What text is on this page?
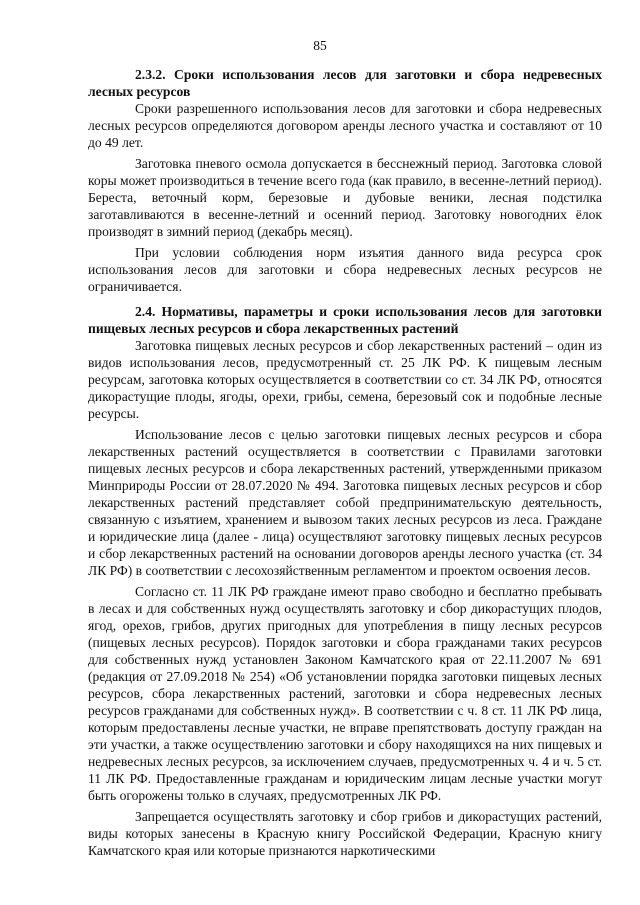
85

2.3.2. Сроки использования лесов для заготовки и сбора недревесных лесных ресурсов

Сроки разрешенного использования лесов для заготовки и сбора недревесных лесных ресурсов определяются договором аренды лесного участка и составляют от 10 до 49 лет.

Заготовка пневого осмола допускается в бесснежный период. Заготовка словой коры может производиться в течение всего года (как правило, в весенне-летний период). Береста, веточный корм, березовые и дубовые веники, лесная подстилка заготавливаются в весенне-летний и осенний период. Заготовку новогодних ёлок производят в зимний период (декабрь месяц).

При условии соблюдения норм изъятия данного вида ресурса срок использования лесов для заготовки и сбора недревесных лесных ресурсов не ограничивается.

2.4. Нормативы, параметры и сроки использования лесов для заготовки пищевых лесных ресурсов и сбора лекарственных растений

Заготовка пищевых лесных ресурсов и сбор лекарственных растений – один из видов использования лесов, предусмотренный ст. 25 ЛК РФ. К пищевым лесным ресурсам, заготовка которых осуществляется в соответствии со ст. 34 ЛК РФ, относятся дикорастущие плоды, ягоды, орехи, грибы, семена, березовый сок и подобные лесные ресурсы.

Использование лесов с целью заготовки пищевых лесных ресурсов и сбора лекарственных растений осуществляется в соответствии с Правилами заготовки пищевых лесных ресурсов и сбора лекарственных растений, утвержденными приказом Минприроды России от 28.07.2020 № 494. Заготовка пищевых лесных ресурсов и сбор лекарственных растений представляет собой предпринимательскую деятельность, связанную с изъятием, хранением и вывозом таких лесных ресурсов из леса. Граждане и юридические лица (далее - лица) осуществляют заготовку пищевых лесных ресурсов и сбор лекарственных растений на основании договоров аренды лесного участка (ст. 34 ЛК РФ) в соответствии с лесохозяйственным регламентом и проектом освоения лесов.

Согласно ст. 11 ЛК РФ граждане имеют право свободно и бесплатно пребывать в лесах и для собственных нужд осуществлять заготовку и сбор дикорастущих плодов, ягод, орехов, грибов, других пригодных для употребления в пищу лесных ресурсов (пищевых лесных ресурсов). Порядок заготовки и сбора гражданами таких ресурсов для собственных нужд установлен Законом Камчатского края от 22.11.2007 № 691 (редакция от 27.09.2018 № 254) «Об установлении порядка заготовки пищевых лесных ресурсов, сбора лекарственных растений, заготовки и сбора недревесных лесных ресурсов гражданами для собственных нужд». В соответствии с ч. 8 ст. 11 ЛК РФ лица, которым предоставлены лесные участки, не вправе препятствовать доступу граждан на эти участки, а также осуществлению заготовки и сбору находящихся на них пищевых и недревесных лесных ресурсов, за исключением случаев, предусмотренных ч. 4 и ч. 5 ст. 11 ЛК РФ. Предоставленные гражданам и юридическим лицам лесные участки могут быть огорожены только в случаях, предусмотренных ЛК РФ.

Запрещается осуществлять заготовку и сбор грибов и дикорастущих растений, виды которых занесены в Красную книгу Российской Федерации, Красную книгу Камчатского края или которые признаются наркотическими
